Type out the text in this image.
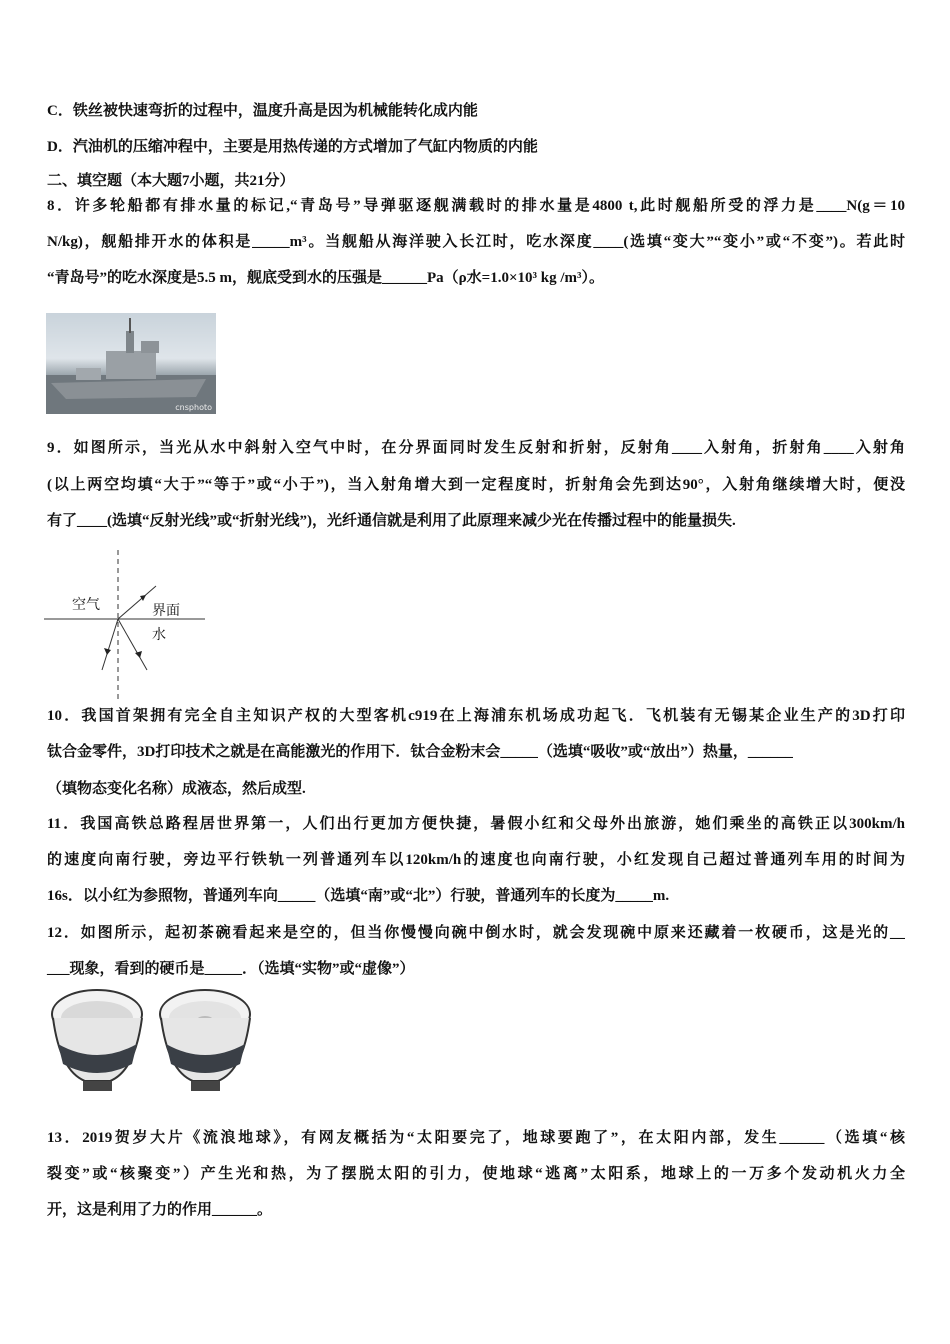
C．铁丝被快速弯折的过程中，温度升高是因为机械能转化成内能
D．汽油机的压缩冲程中，主要是用热传递的方式增加了气缸内物质的内能
二、填空题（本大题7小题，共21分）
8．许多轮船都有排水量的标记,“青岛号”导弹驱逐舰满载时的排水量是4800 t,此时舰船所受的浮力是____N(g＝10
N/kg)，舰船排开水的体积是_____m³。当舰船从海洋驶入长江时，吃水深度____(选填“变大”“变小”或“不变”)。若此时
“青岛号”的吃水深度是5.5 m，舰底受到水的压强是______Pa（ρ水=1.0×10³ kg /m³）。
cnsphoto
9．如图所示，当光从水中斜射入空气中时，在分界面同时发生反射和折射，反射角____入射角，折射角____入射角
(以上两空均填“大于”“等于”或“小于”)，当入射角增大到一定程度时，折射角会先到达90°，入射角继续增大时，便没
有了____(选填“反射光线”或“折射光线”)，光纤通信就是利用了此原理来减少光在传播过程中的能量损失.
空气	界面
水
10．我国首架拥有完全自主知识产权的大型客机c919在上海浦东机场成功起飞．飞机装有无锡某企业生产的3D打印
钛合金零件，3D打印技术之就是在高能激光的作用下．钛合金粉末会_____（选填“吸收”或“放出”）热量，______
（填物态变化名称）成液态，然后成型.
11．我国高铁总路程居世界第一，人们出行更加方便快捷，暑假小红和父母外出旅游，她们乘坐的高铁正以300km/h
的速度向南行驶，旁边平行铁轨一列普通列车以120km/h的速度也向南行驶，小红发现自己超过普通列车用的时间为
16s．以小红为参照物，普通列车向_____（选填“南”或“北”）行驶，普通列车的长度为_____m.
12．如图所示，起初茶碗看起来是空的，但当你慢慢向碗中倒水时，就会发现碗中原来还藏着一枚硬币，这是光的__
___现象，看到的硬币是_____．（选填“实物”或“虚像”）
13．2019贺岁大片《流浪地球》，有网友概括为“太阳要完了，地球要跑了”，在太阳内部，发生______（选填“核
裂变”或“核聚变”）产生光和热，为了摆脱太阳的引力，使地球“逃离”太阳系，地球上的一万多个发动机火力全
开，这是利用了力的作用______。
